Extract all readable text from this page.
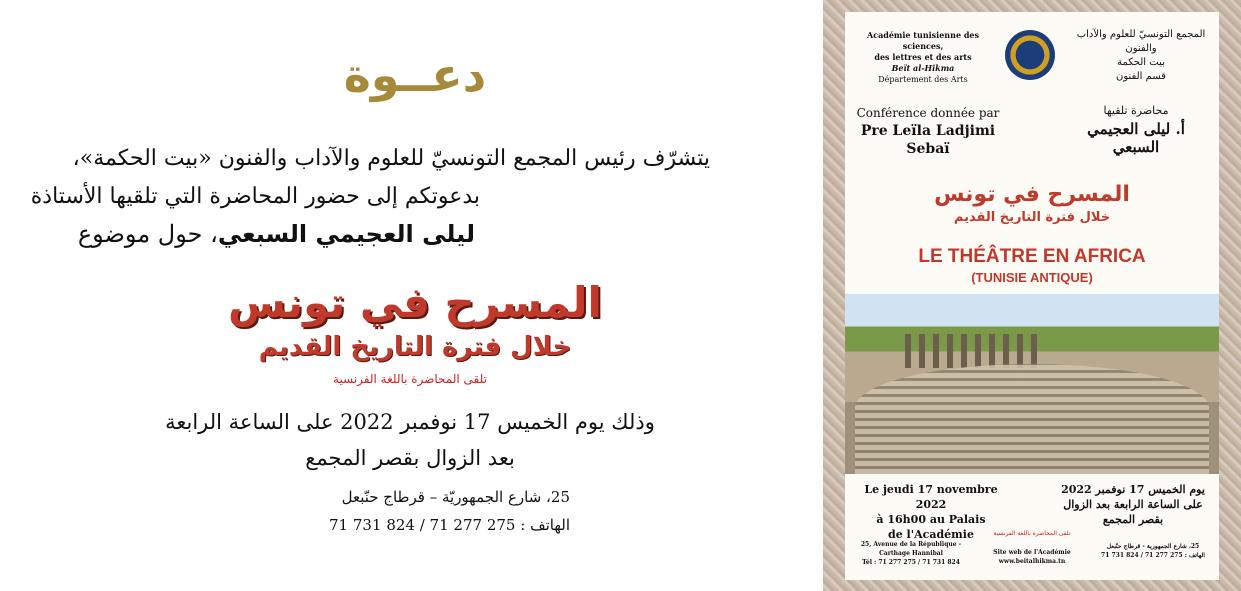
دعــوة
يتشرّف رئيس المجمع التونسيّ للعلوم والآداب والفنون «بيت الحكمة»،
بدعوتكم إلى حضور المحاضرة التي تلقيها الأستاذة
ليلى العجيمي السبعي، حول موضوع
المسرح في تونس
خلال فترة التاريخ القديم
تلقى المحاضرة باللغة الفرنسية
وذلك يوم الخميس 17 نوفمبر 2022 على الساعة الرابعة
بعد الزوال بقصر المجمع
25، شارع الجمهوريّة – قرطاج حنّبعل
الهاتف : 275 277 71 / 824 731 71
Académie tunisienne des sciences,
des lettres et des arts
Beït al-Hikma
Département des Arts
المجمع التونسيّ للعلوم والآداب والفنون
بيت الحكمة
قسم الفنون
Conférence donnée par
Pre Leïla Ladjimi
Sebaï
محاضرة تلقيها
أ. ليلى العجيمي
السبعي
المسرح في تونس
خلال فترة التاريخ القديم
LE THÉÂTRE EN AFRICA
(TUNISIE ANTIQUE)
Le jeudi 17 novembre 2022
à 16h00 au Palais
de l'Académie
يوم الخميس 17 نوفمبر 2022
على الساعة الرابعة بعد الزوال
بقصر المجمع
تلقى المحاضرة باللغة الفرنسية
25, Avenue de la République -
Carthage Hannibal
Tél : 71 277 275 / 71 731 824
Site web de l'Académie
www.beitalhikma.tn
25، شارع الجمهورية - قرطاج حنّبعل
الهاتف : 275 277 71 / 824 731 71
